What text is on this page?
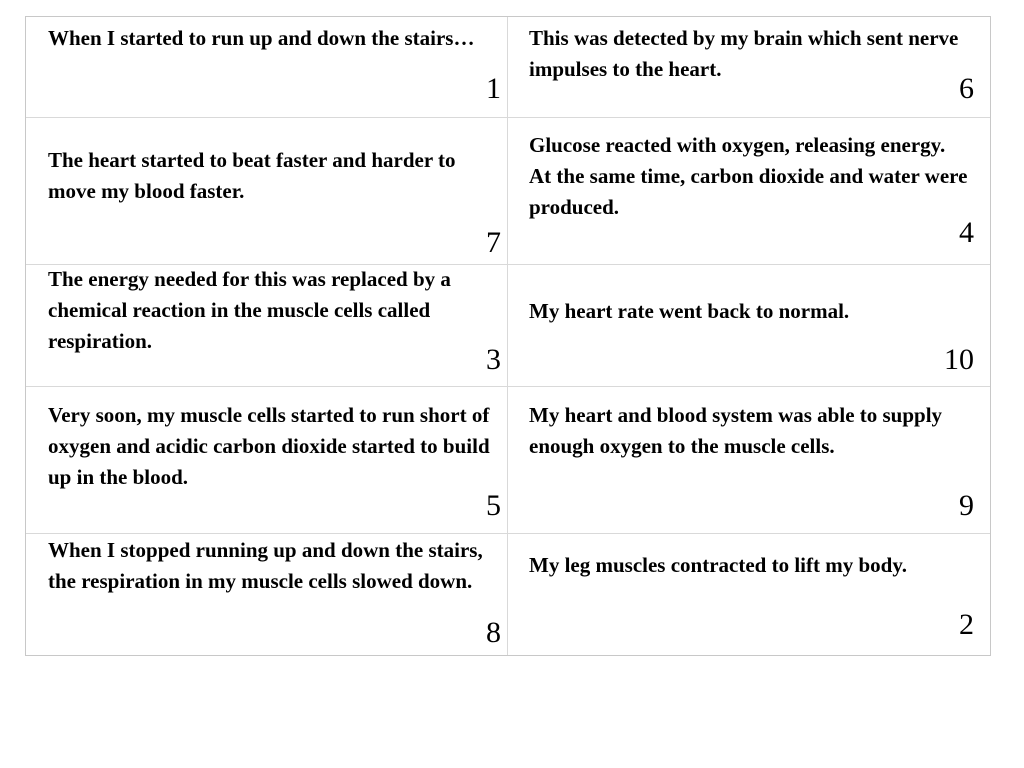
When I started to run up and down the stairs…

1

This was detected by my brain which sent nerve impulses to the heart.

6

The heart started to beat faster and harder to move my blood faster.

7

Glucose reacted with oxygen, releasing energy. At the same time, carbon dioxide and water were produced.

4

The energy needed for this was replaced by a chemical reaction in the muscle cells called respiration.

3

My heart rate went back to normal.

10

Very soon, my muscle cells started to run short of oxygen and acidic carbon dioxide started to build up in the blood.

5

My heart and blood system was able to supply enough oxygen to the muscle cells.

9

When I stopped running up and down the stairs, the respiration in my muscle cells slowed down.

8

My leg muscles contracted to lift my body.

2
